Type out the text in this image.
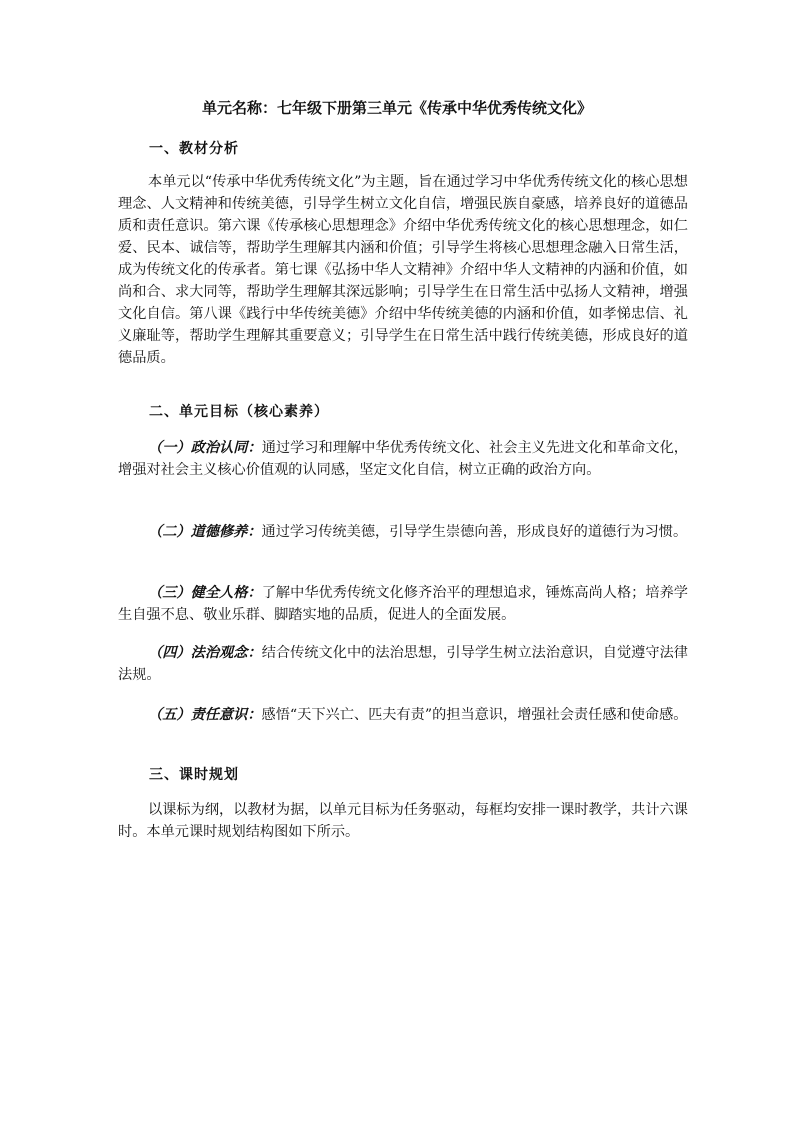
单元名称：七年级下册第三单元《传承中华优秀传统文化》
一、教材分析

本单元以“传承中华优秀传统文化”为主题，旨在通过学习中华优秀传统文化的核心思想理念、人文精神和传统美德，引导学生树立文化自信，增强民族自豪感，培养良好的道德品质和责任意识。第六课《传承核心思想理念》介绍中华优秀传统文化的核心思想理念，如仁爱、民本、诚信等，帮助学生理解其内涵和价值；引导学生将核心思想理念融入日常生活，成为传统文化的传承者。第七课《弘扬中华人文精神》介绍中华人文精神的内涵和价值，如尚和合、求大同等，帮助学生理解其深远影响；引导学生在日常生活中弘扬人文精神，增强文化自信。第八课《践行中华传统美德》介绍中华传统美德的内涵和价值，如孝悌忠信、礼义廉耻等，帮助学生理解其重要意义；引导学生在日常生活中践行传统美德，形成良好的道德品质。

二、单元目标（核心素养）

（一）政治认同：通过学习和理解中华优秀传统文化、社会主义先进文化和革命文化，增强对社会主义核心价值观的认同感，坚定文化自信，树立正确的政治方向。

（二）道德修养：通过学习传统美德，引导学生崇德向善，形成良好的道德行为习惯。

（三）健全人格：了解中华优秀传统文化修齐治平的理想追求，锤炼高尚人格；培养学生自强不息、敬业乐群、脚踏实地的品质，促进人的全面发展。

（四）法治观念：结合传统文化中的法治思想，引导学生树立法治意识，自觉遵守法律法规。

（五）责任意识：感悟“天下兴亡、匹夫有责”的担当意识，增强社会责任感和使命感。

三、课时规划

以课标为纲，以教材为据，以单元目标为任务驱动，每框均安排一课时教学，共计六课时。本单元课时规划结构图如下所示。
